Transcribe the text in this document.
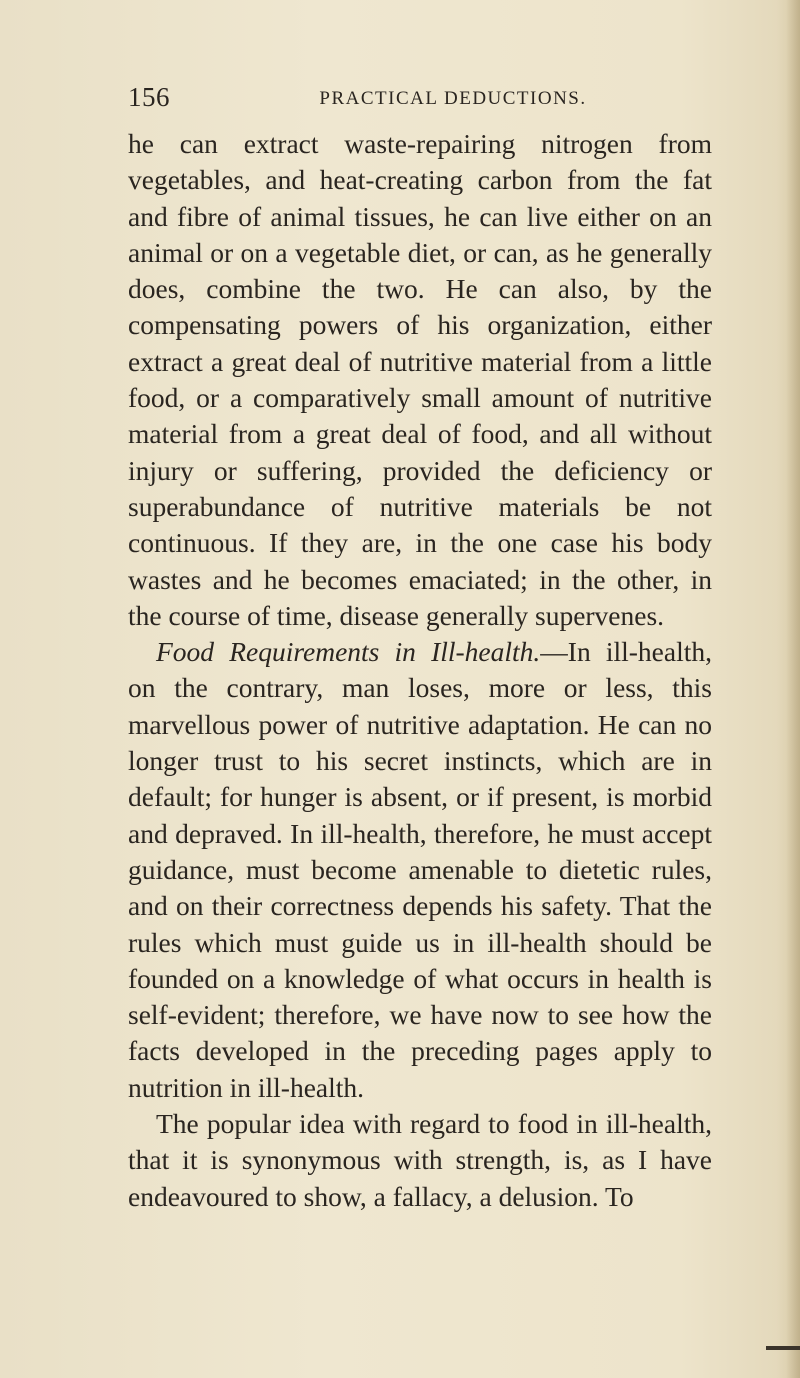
156	PRACTICAL DEDUCTIONS.

he can extract waste-repairing nitrogen from vegetables, and heat-creating carbon from the fat and fibre of animal tissues, he can live either on an animal or on a vegetable diet, or can, as he generally does, combine the two. He can also, by the compensating powers of his organization, either extract a great deal of nutritive material from a little food, or a comparatively small amount of nutritive material from a great deal of food, and all without injury or suffering, provided the deficiency or superabundance of nutritive materials be not continuous. If they are, in the one case his body wastes and he becomes emaciated; in the other, in the course of time, disease generally supervenes.

Food Requirements in Ill-health.—In ill-health, on the contrary, man loses, more or less, this marvellous power of nutritive adaptation. He can no longer trust to his secret instincts, which are in default; for hunger is absent, or if present, is morbid and depraved. In ill-health, therefore, he must accept guidance, must become amenable to dietetic rules, and on their correctness depends his safety. That the rules which must guide us in ill-health should be founded on a knowledge of what occurs in health is self-evident; therefore, we have now to see how the facts developed in the preceding pages apply to nutrition in ill-health.

The popular idea with regard to food in ill-health, that it is synonymous with strength, is, as I have endeavoured to show, a fallacy, a delusion. To
